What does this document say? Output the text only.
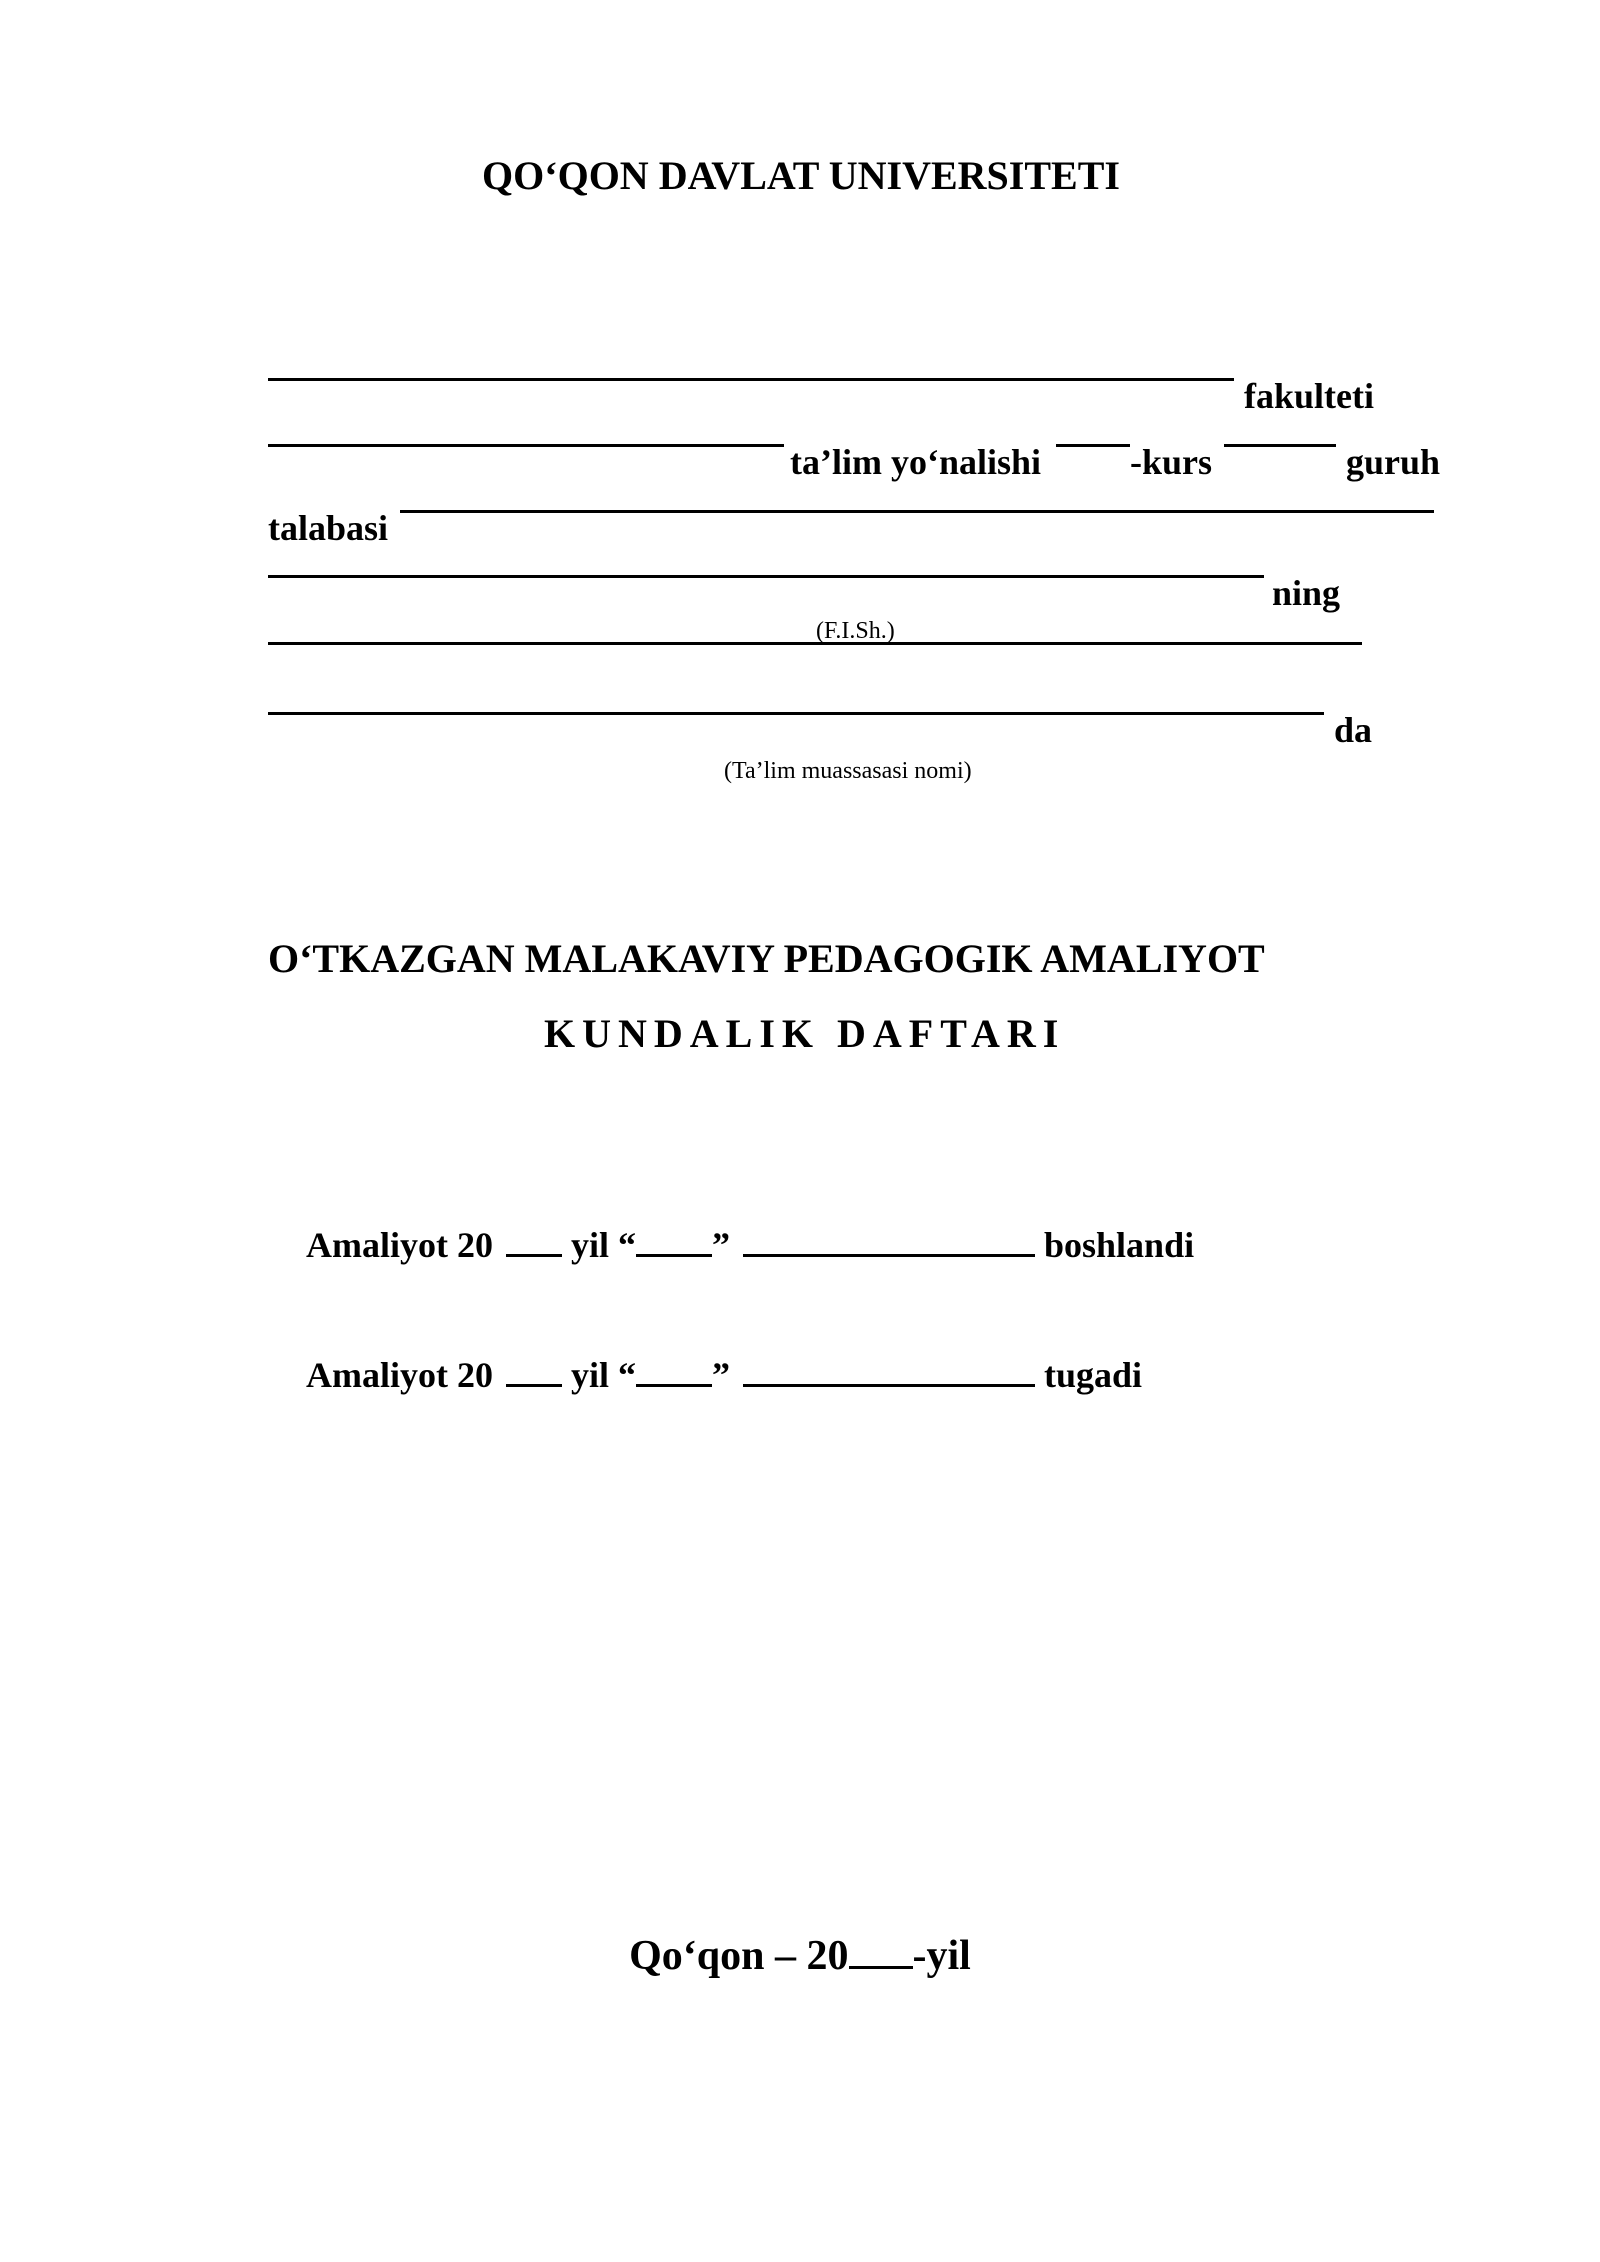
QO‘QON DAVLAT UNIVERSITETI
fakulteti
ta’lim yo‘nalishi -kurs	guruh
talabasi
ning
(F.I.Sh.)
da
(Ta’lim muassasasi nomi)
O‘TKAZGAN MALAKAVIY PEDAGOGIK AMALIYOT
KUNDALIK DAFTARI
Amaliyot 20 yil “ ”	boshlandi
Amaliyot 20 yil “ ”	tugadi
Qo‘qon – 20 -yil
